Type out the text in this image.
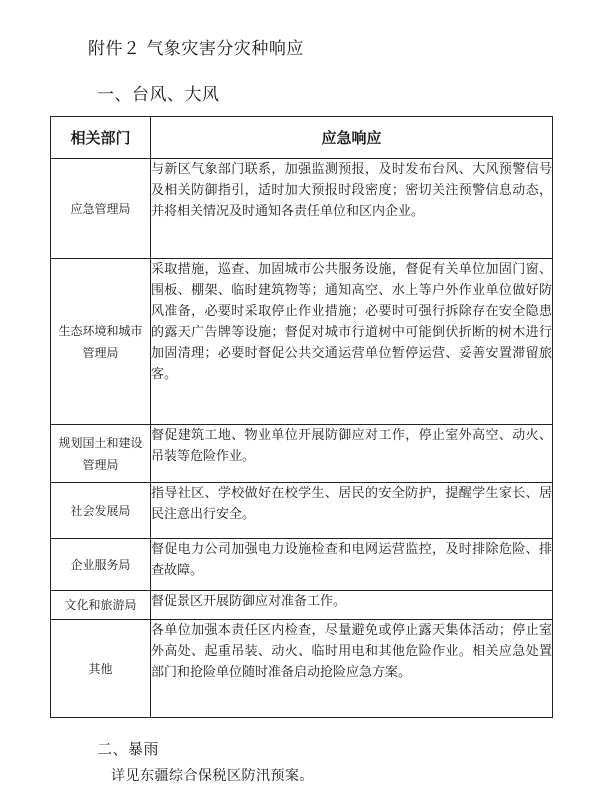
附件２ 气象灾害分灾种响应
一、台风、大风
相关部门	应急响应
应急管理局	与新区气象部门联系，加强监测预报，及时发布台风、大风预警信号及相关防御指引，适时加大预报时段密度；密切关注预警信息动态，并将相关情况及时通知各责任单位和区内企业。
生态环境和城市管理局	采取措施，巡查、加固城市公共服务设施，督促有关单位加固门窗、围板、棚架、临时建筑物等；通知高空、水上等户外作业单位做好防风准备，必要时采取停止作业措施；必要时可强行拆除存在安全隐患的露天广告牌等设施；督促对城市行道树中可能倒伏折断的树木进行加固清理；必要时督促公共交通运营单位暂停运营、妥善安置滞留旅客。
规划国土和建设管理局	督促建筑工地、物业单位开展防御应对工作，停止室外高空、动火、吊装等危险作业。
社会发展局	指导社区、学校做好在校学生、居民的安全防护，提醒学生家长、居民注意出行安全。
企业服务局	督促电力公司加强电力设施检查和电网运营监控，及时排除危险、排查故障。
文化和旅游局	督促景区开展防御应对准备工作。
其他	各单位加强本责任区内检查，尽量避免或停止露天集体活动；停止室外高处、起重吊装、动火、临时用电和其他危险作业。相关应急处置部门和抢险单位随时准备启动抢险应急方案。
二、暴雨
详见东疆综合保税区防汛预案。
